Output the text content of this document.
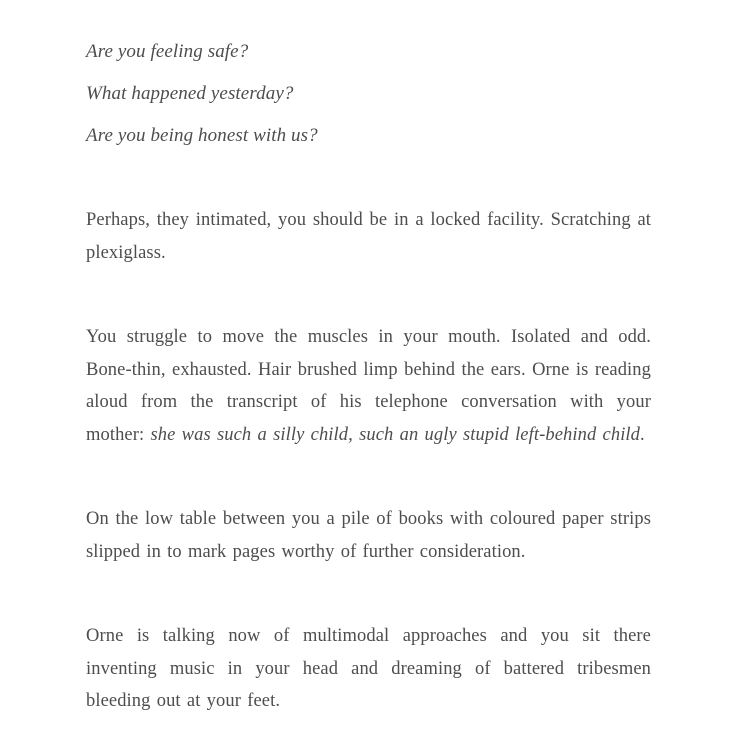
Are you feeling safe?

What happened yesterday?

Are you being honest with us?

Perhaps, they intimated, you should be in a locked facility. Scratching at plexiglass.

You struggle to move the muscles in your mouth. Isolated and odd. Bone-thin, exhausted. Hair brushed limp behind the ears. Orne is reading aloud from the transcript of his telephone conversation with your mother: she was such a silly child, such an ugly stupid left-behind child.

On the low table between you a pile of books with coloured paper strips slipped in to mark pages worthy of further consideration.

Orne is talking now of multimodal approaches and you sit there inventing music in your head and dreaming of battered tribesmen bleeding out at your feet.
